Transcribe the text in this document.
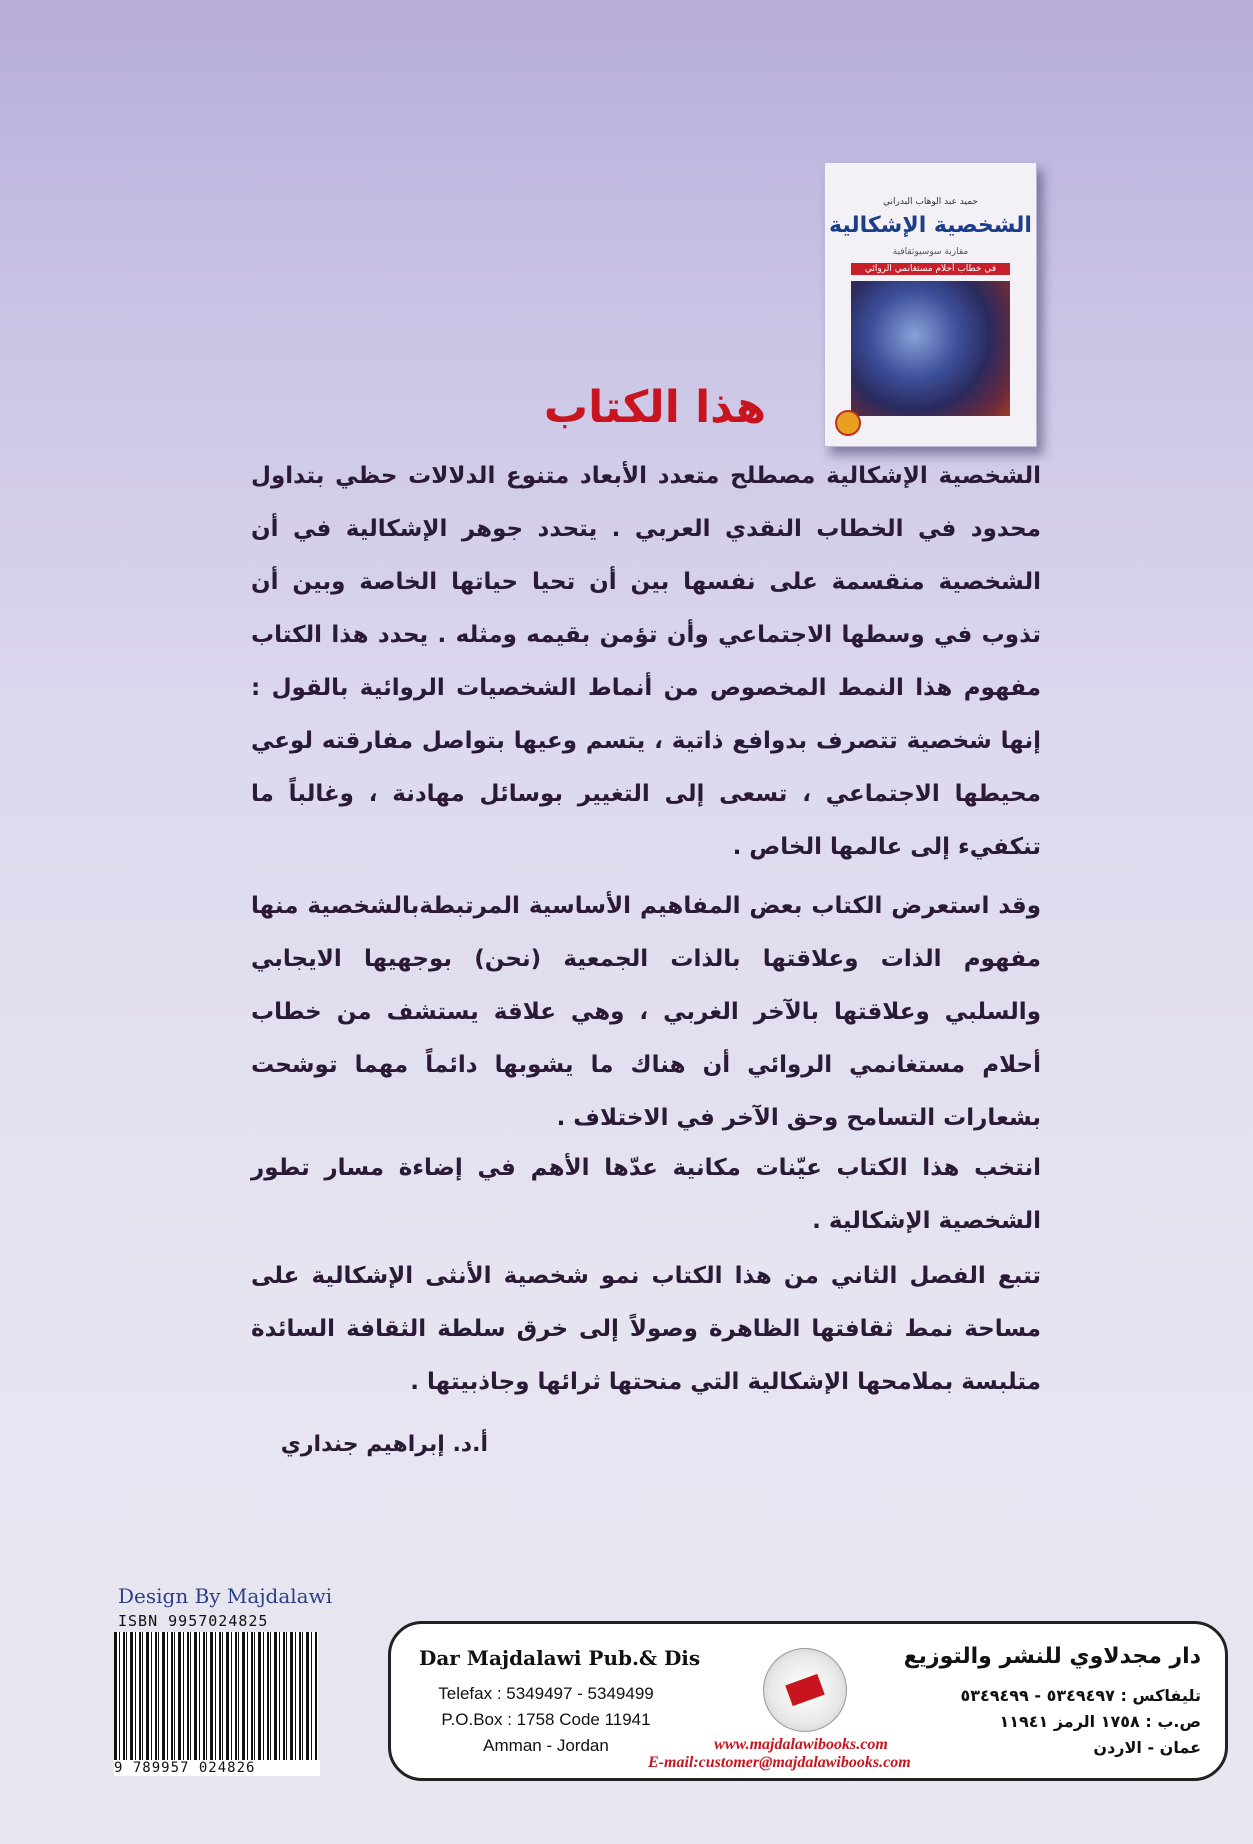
حميد عبد الوهاب البدراني
الشخصية الإشكالية
مقاربة سوسيوثقافية
في خطاب أحلام مستغانمي الروائي
هذا الكتاب

الشخصية الإشكالية مصطلح متعدد الأبعاد متنوع الدلالات حظي بتداول محدود في الخطاب النقدي العربي . يتحدد جوهر الإشكالية في أن الشخصية منقسمة على نفسها بين أن تحيا حياتها الخاصة وبين أن تذوب في وسطها الاجتماعي وأن تؤمن بقيمه ومثله . يحدد هذا الكتاب مفهوم هذا النمط المخصوص من أنماط الشخصيات الروائية بالقول : إنها شخصية تتصرف بدوافع ذاتية ، يتسم وعيها بتواصل مفارقته لوعي محيطها الاجتماعي ، تسعى إلى التغيير بوسائل مهادنة ، وغالباً ما تنكفيء إلى عالمها الخاص .

وقد استعرض الكتاب بعض المفاهيم الأساسية المرتبطةبالشخصية منها مفهوم الذات وعلاقتها بالذات الجمعية (نحن) بوجهيها الايجابي والسلبي وعلاقتها بالآخر الغربي ، وهي علاقة يستشف من خطاب أحلام مستغانمي الروائي أن هناك ما يشوبها دائماً مهما توشحت بشعارات التسامح وحق الآخر في الاختلاف .

انتخب هذا الكتاب عيّنات مكانية عدّها الأهم في إضاءة مسار تطور الشخصية الإشكالية .

تتبع الفصل الثاني من هذا الكتاب نمو شخصية الأنثى الإشكالية على مساحة نمط ثقافتها الظاهرة وصولاً إلى خرق سلطة الثقافة السائدة متلبسة بملامحها الإشكالية التي منحتها ثرائها وجاذبيتها .

أ.د. إبراهيم جنداري
Design By Majdalawi
ISBN 9957024825
9 789957 024826
Dar Majdalawi Pub.& Dis	دار مجدلاوي للنشر والتوزيع
Telefax : 5349497 - 5349499
P.O.Box : 1758 Code 11941
Amman - Jordan
تليفاكس : ٥٣٤٩٤٩٧ - ٥٣٤٩٤٩٩
ص.ب : ١٧٥٨ الرمز ١١٩٤١
عمان - الاردن
www.majdalawibooks.com
E-mail:customer@majdalawibooks.com
